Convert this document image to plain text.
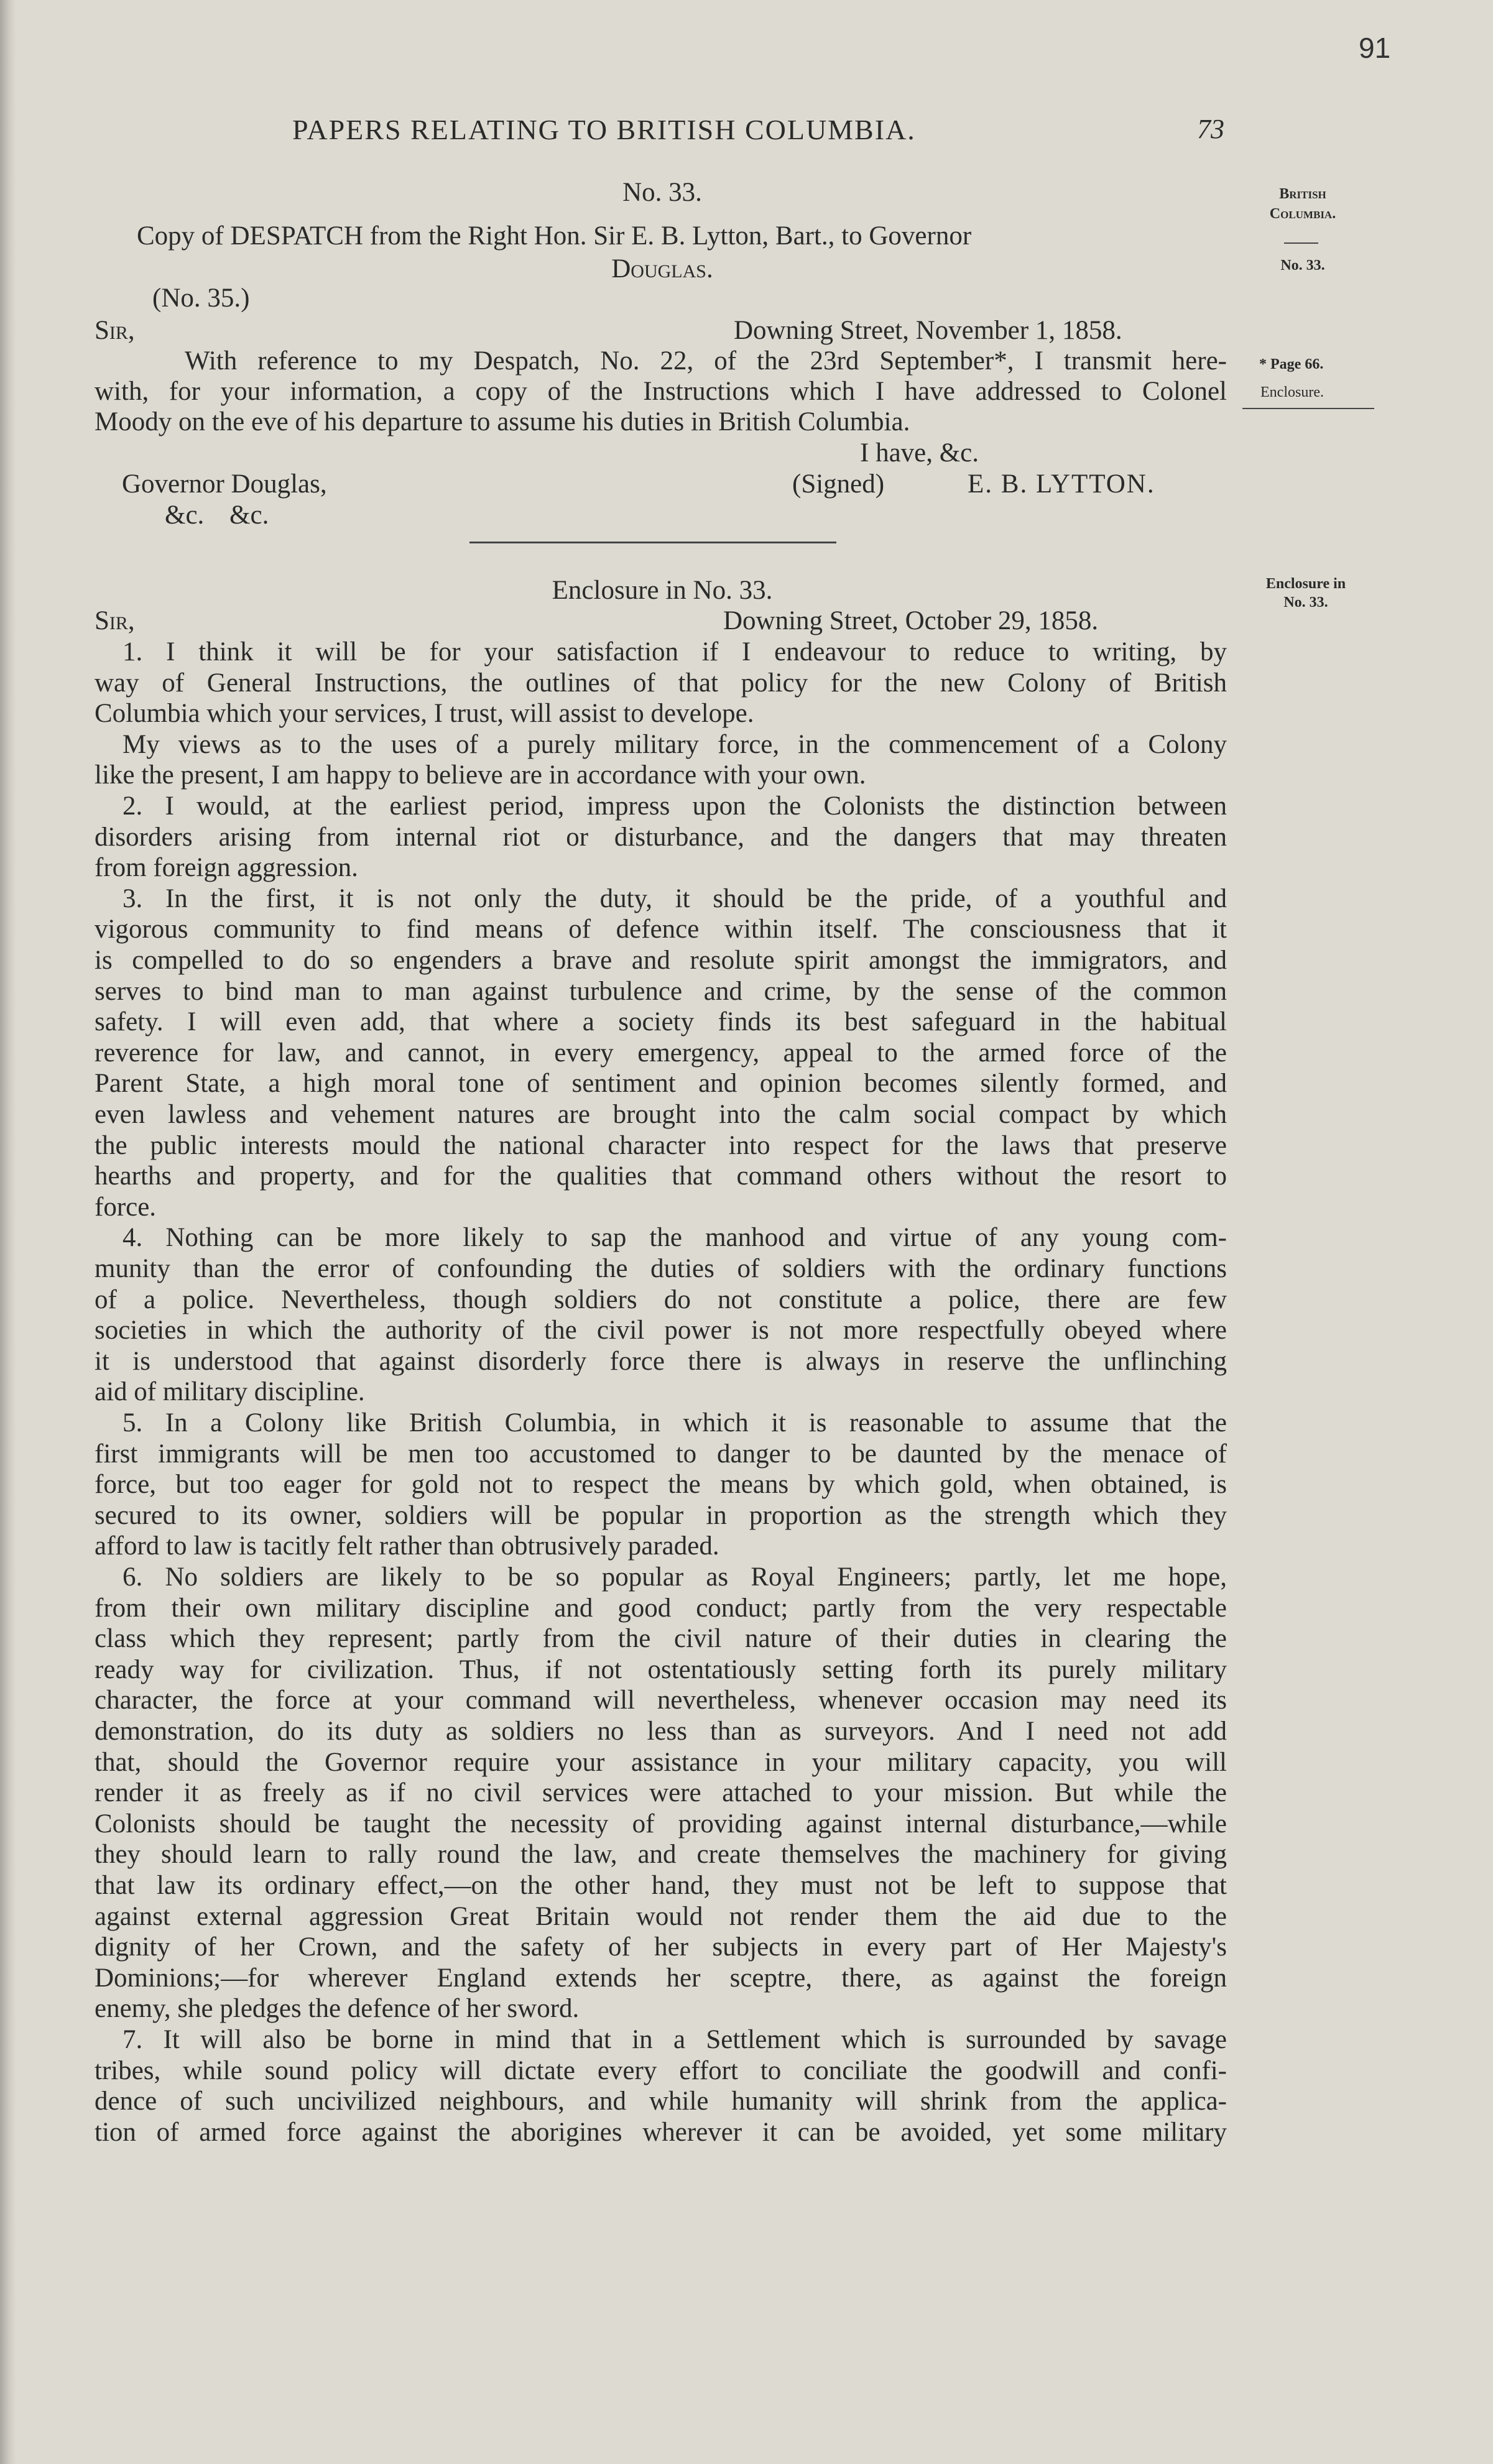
91
PAPERS RELATING TO BRITISH COLUMBIA.	73
British
Columbia.
No. 33.
* Page 66.
Enclosure.
Enclosure in
No. 33.
No. 33.
Copy of DESPATCH from the Right Hon. Sir E. B. Lytton, Bart., to Governor
Douglas.
(No. 35.)
Sir,	Downing Street, November 1, 1858.
With reference to my Despatch, No. 22, of the 23rd September*, I transmit here-
with, for your information, a copy of the Instructions which I have addressed to Colonel
Moody on the eve of his departure to assume his duties in British Columbia.
I have, &c.
Governor Douglas,	(Signed)	E. B. LYTTON.
&c. &c.
Enclosure in No. 33.
Sir,	Downing Street, October 29, 1858.
1. I think it will be for your satisfaction if I endeavour to reduce to writing, by
way of General Instructions, the outlines of that policy for the new Colony of British
Columbia which your services, I trust, will assist to develope.
My views as to the uses of a purely military force, in the commencement of a Colony
like the present, I am happy to believe are in accordance with your own.
2. I would, at the earliest period, impress upon the Colonists the distinction between
disorders arising from internal riot or disturbance, and the dangers that may threaten
from foreign aggression.
3. In the first, it is not only the duty, it should be the pride, of a youthful and
vigorous community to find means of defence within itself. The consciousness that it
is compelled to do so engenders a brave and resolute spirit amongst the immigrators, and
serves to bind man to man against turbulence and crime, by the sense of the common
safety. I will even add, that where a society finds its best safeguard in the habitual
reverence for law, and cannot, in every emergency, appeal to the armed force of the
Parent State, a high moral tone of sentiment and opinion becomes silently formed, and
even lawless and vehement natures are brought into the calm social compact by which
the public interests mould the national character into respect for the laws that preserve
hearths and property, and for the qualities that command others without the resort to
force.
4. Nothing can be more likely to sap the manhood and virtue of any young com-
munity than the error of confounding the duties of soldiers with the ordinary functions
of a police. Nevertheless, though soldiers do not constitute a police, there are few
societies in which the authority of the civil power is not more respectfully obeyed where
it is understood that against disorderly force there is always in reserve the unflinching
aid of military discipline.
5. In a Colony like British Columbia, in which it is reasonable to assume that the
first immigrants will be men too accustomed to danger to be daunted by the menace of
force, but too eager for gold not to respect the means by which gold, when obtained, is
secured to its owner, soldiers will be popular in proportion as the strength which they
afford to law is tacitly felt rather than obtrusively paraded.
6. No soldiers are likely to be so popular as Royal Engineers; partly, let me hope,
from their own military discipline and good conduct; partly from the very respectable
class which they represent; partly from the civil nature of their duties in clearing the
ready way for civilization. Thus, if not ostentatiously setting forth its purely military
character, the force at your command will nevertheless, whenever occasion may need its
demonstration, do its duty as soldiers no less than as surveyors. And I need not add
that, should the Governor require your assistance in your military capacity, you will
render it as freely as if no civil services were attached to your mission. But while the
Colonists should be taught the necessity of providing against internal disturbance,—while
they should learn to rally round the law, and create themselves the machinery for giving
that law its ordinary effect,—on the other hand, they must not be left to suppose that
against external aggression Great Britain would not render them the aid due to the
dignity of her Crown, and the safety of her subjects in every part of Her Majesty's
Dominions;—for wherever England extends her sceptre, there, as against the foreign
enemy, she pledges the defence of her sword.
7. It will also be borne in mind that in a Settlement which is surrounded by savage
tribes, while sound policy will dictate every effort to conciliate the goodwill and confi-
dence of such uncivilized neighbours, and while humanity will shrink from the applica-
tion of armed force against the aborigines wherever it can be avoided, yet some military
